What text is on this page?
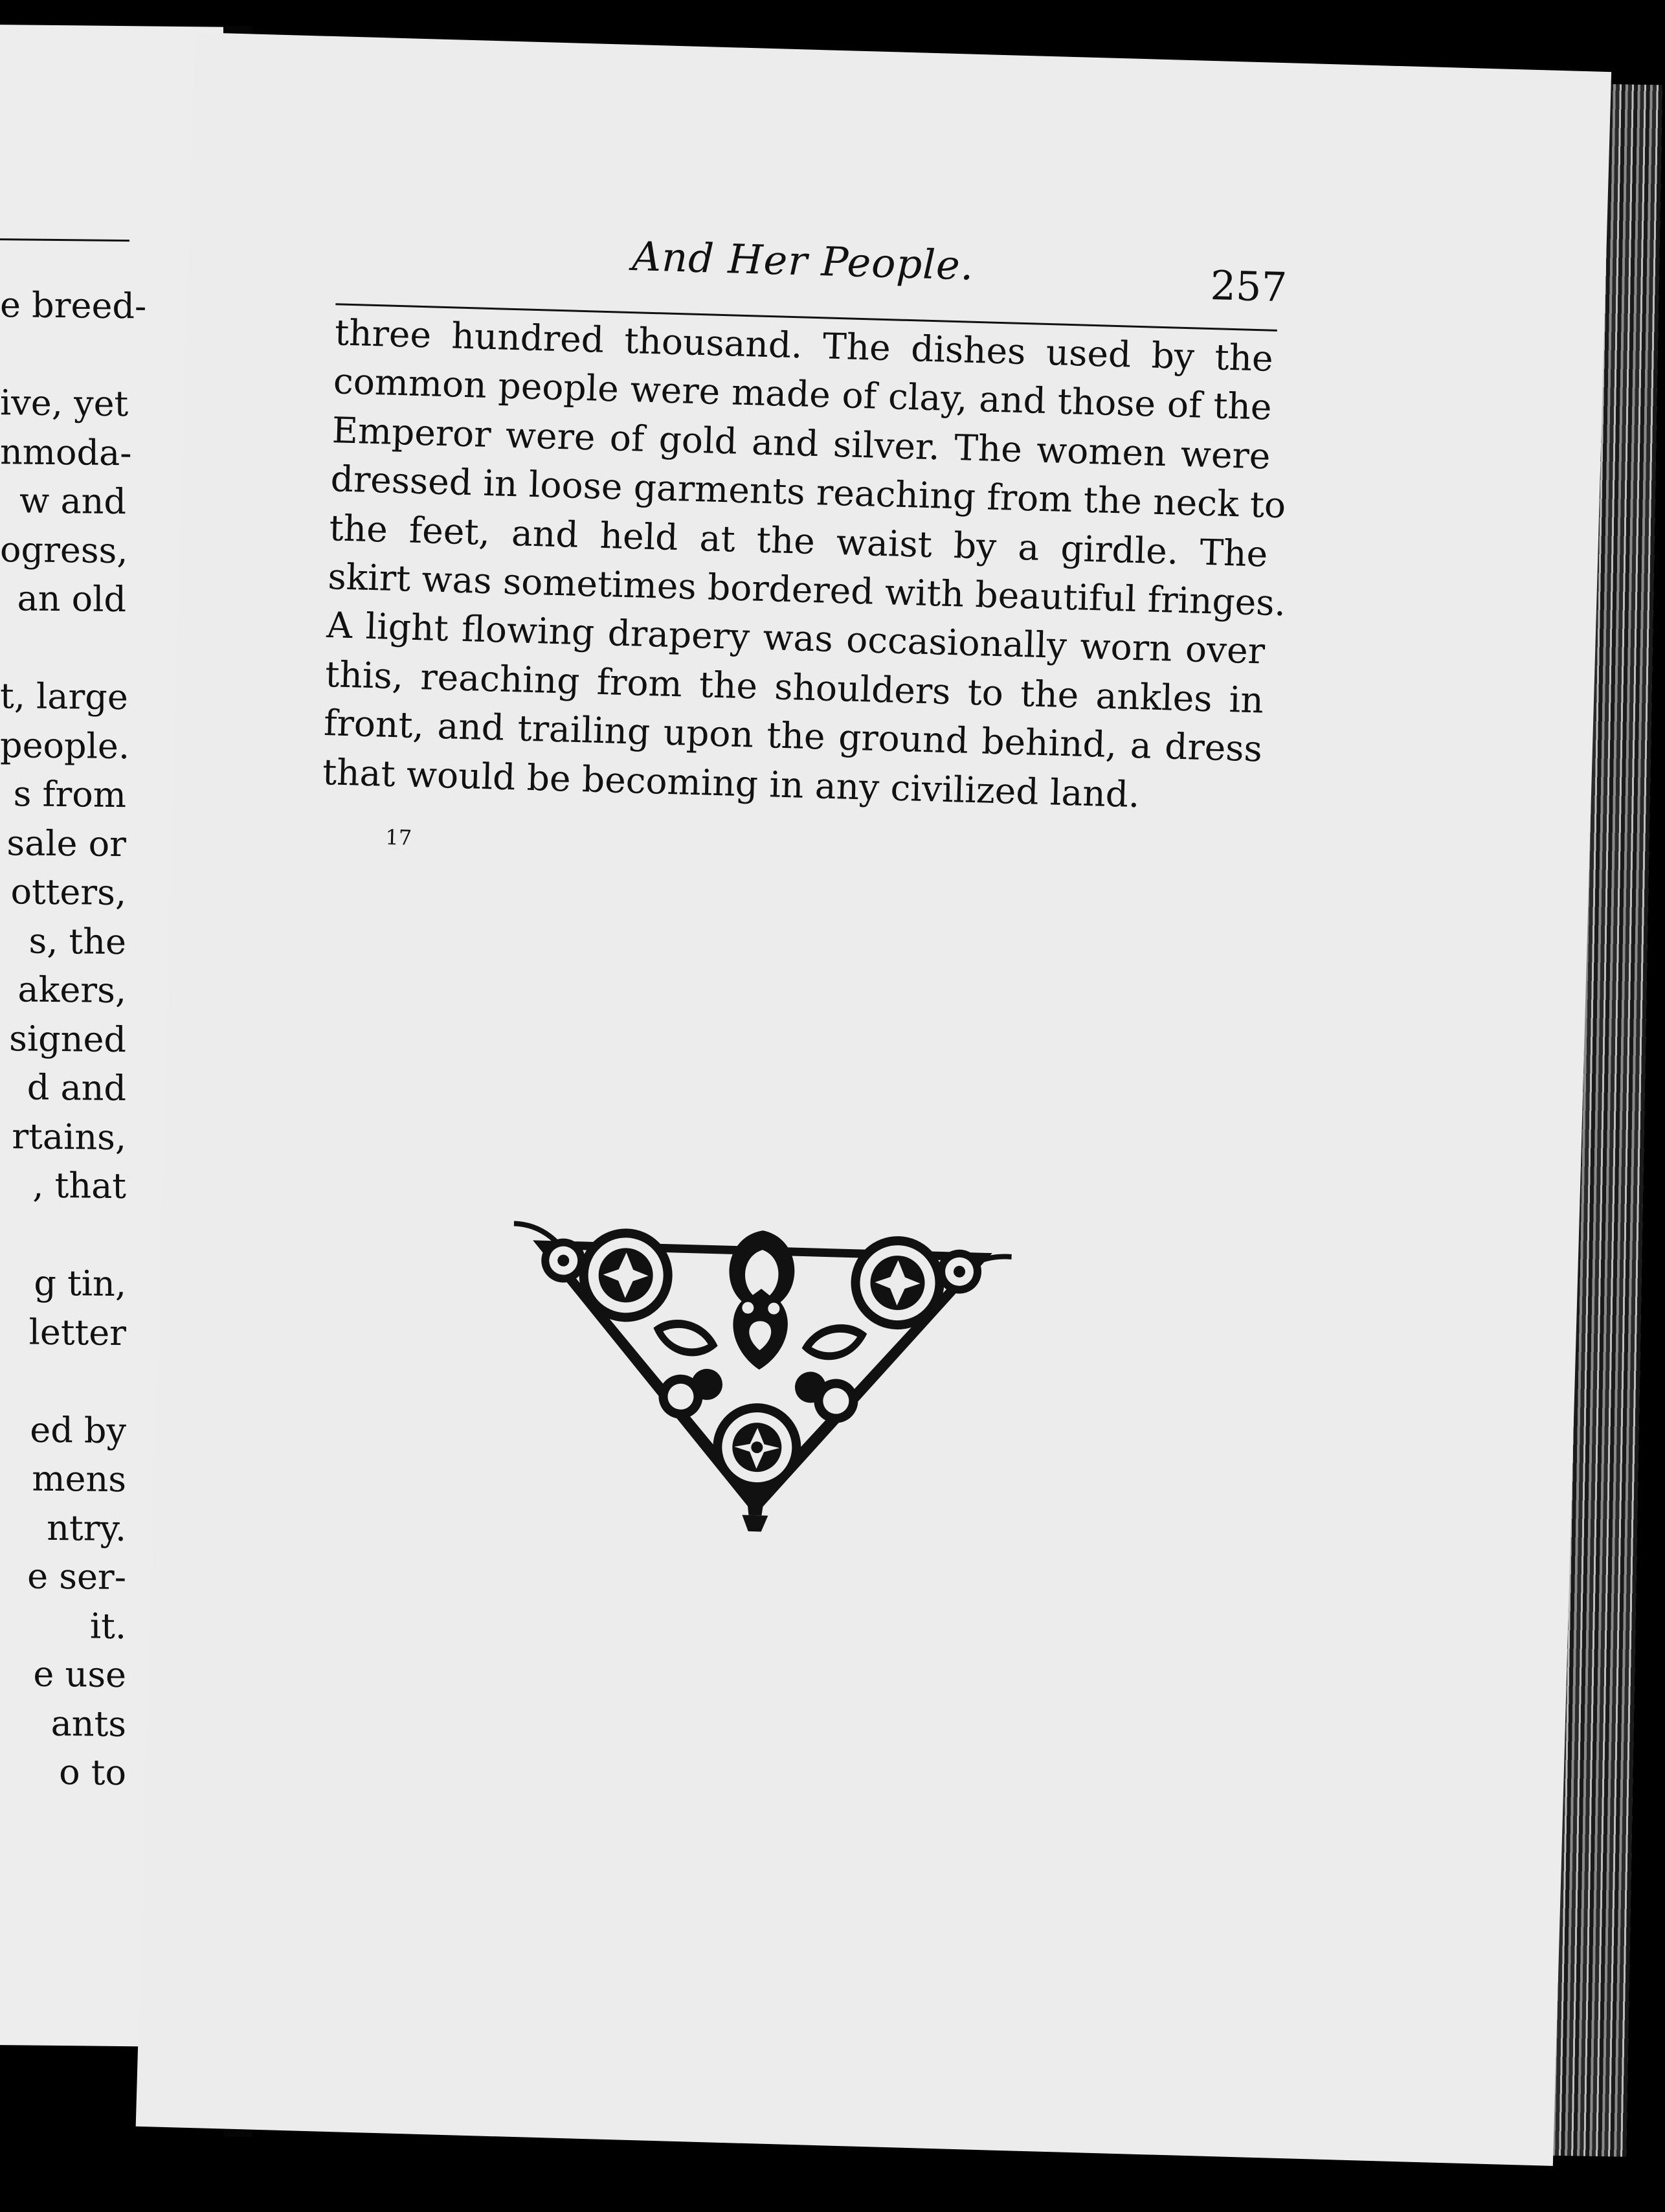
e breed-
ive, yet
nmoda-
w and
ogress,
an old
t, large
people.
s from
sale or
otters,
s, the
akers,
signed
d and
rtains,
, that
g tin,
letter
ed by
mens
ntry.
e ser-
it.
e use
ants
o to
And Her People.	257
three hundred thousand. The dishes used by the
common people were made of clay, and those of the
Emperor were of gold and silver. The women were
dressed in loose garments reaching from the neck to
the feet, and held at the waist by a girdle. The
skirt was sometimes bordered with beautiful fringes.
A light flowing drapery was occasionally worn over
this, reaching from the shoulders to the ankles in
front, and trailing upon the ground behind, a dress
that would be becoming in any civilized land.
17
